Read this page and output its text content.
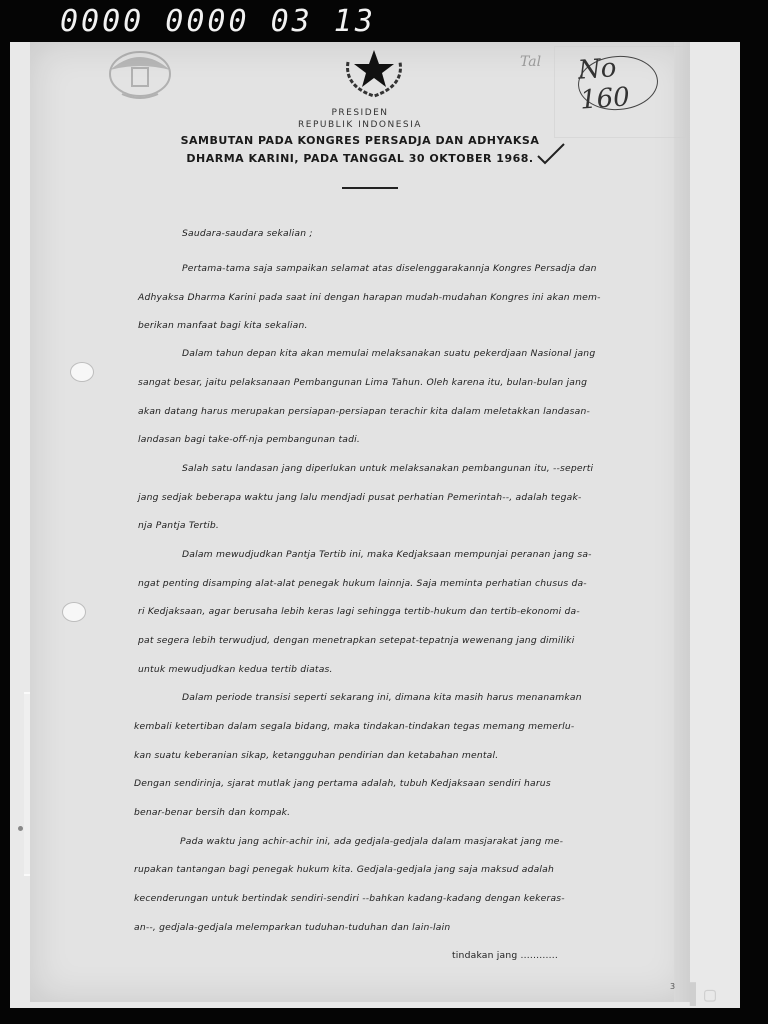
0000 0000 03 13
Tal No 160
PRESIDEN
REPUBLIK INDONESIA
SAMBUTAN PADA KONGRES PERSADJA DAN ADHYAKSA
DHARMA KARINI, PADA TANGGAL 30 OKTOBER 1968.
Saudara-saudara sekalian ;
Pertama-tama saja sampaikan selamat atas diselenggarakannja Kongres Persadja dan
Adhyaksa Dharma Karini pada saat ini dengan harapan mudah-mudahan Kongres ini akan mem-
berikan manfaat bagi kita sekalian.
Dalam tahun depan kita akan memulai melaksanakan suatu pekerdjaan Nasional jang
sangat besar, jaitu pelaksanaan Pembangunan Lima Tahun. Oleh karena itu, bulan-bulan jang
akan datang harus merupakan persiapan-persiapan terachir kita dalam meletakkan landasan-
landasan bagi take-off-nja pembangunan tadi.
Salah satu landasan jang diperlukan untuk melaksanakan pembangunan itu, --seperti
jang sedjak beberapa waktu jang lalu mendjadi pusat perhatian Pemerintah--, adalah tegak-
nja Pantja Tertib.
Dalam mewudjudkan Pantja Tertib ini, maka Kedjaksaan mempunjai peranan jang sa-
ngat penting disamping alat-alat penegak hukum lainnja. Saja meminta perhatian chusus da-
ri Kedjaksaan, agar berusaha lebih keras lagi sehingga tertib-hukum dan tertib-ekonomi da-
pat segera lebih terwudjud, dengan menetrapkan setepat-tepatnja wewenang jang dimiliki
untuk mewudjudkan kedua tertib diatas.
Dalam periode transisi seperti sekarang ini, dimana kita masih harus menanamkan
kembali ketertiban dalam segala bidang, maka tindakan-tindakan tegas memang memerlu-
kan suatu keberanian sikap, ketangguhan pendirian dan ketabahan mental.
Dengan sendirinja, sjarat mutlak jang pertama adalah, tubuh Kedjaksaan sendiri harus
benar-benar bersih dan kompak.
Pada waktu jang achir-achir ini, ada gedjala-gedjala dalam masjarakat jang me-
rupakan tantangan bagi penegak hukum kita. Gedjala-gedjala jang saja maksud adalah
kecenderungan untuk bertindak sendiri-sendiri --bahkan kadang-kadang dengan kekeras-
an--, gedjala-gedjala melemparkan tuduhan-tuduhan dan lain-lain
tindakan jang ............
3 ▌▢
